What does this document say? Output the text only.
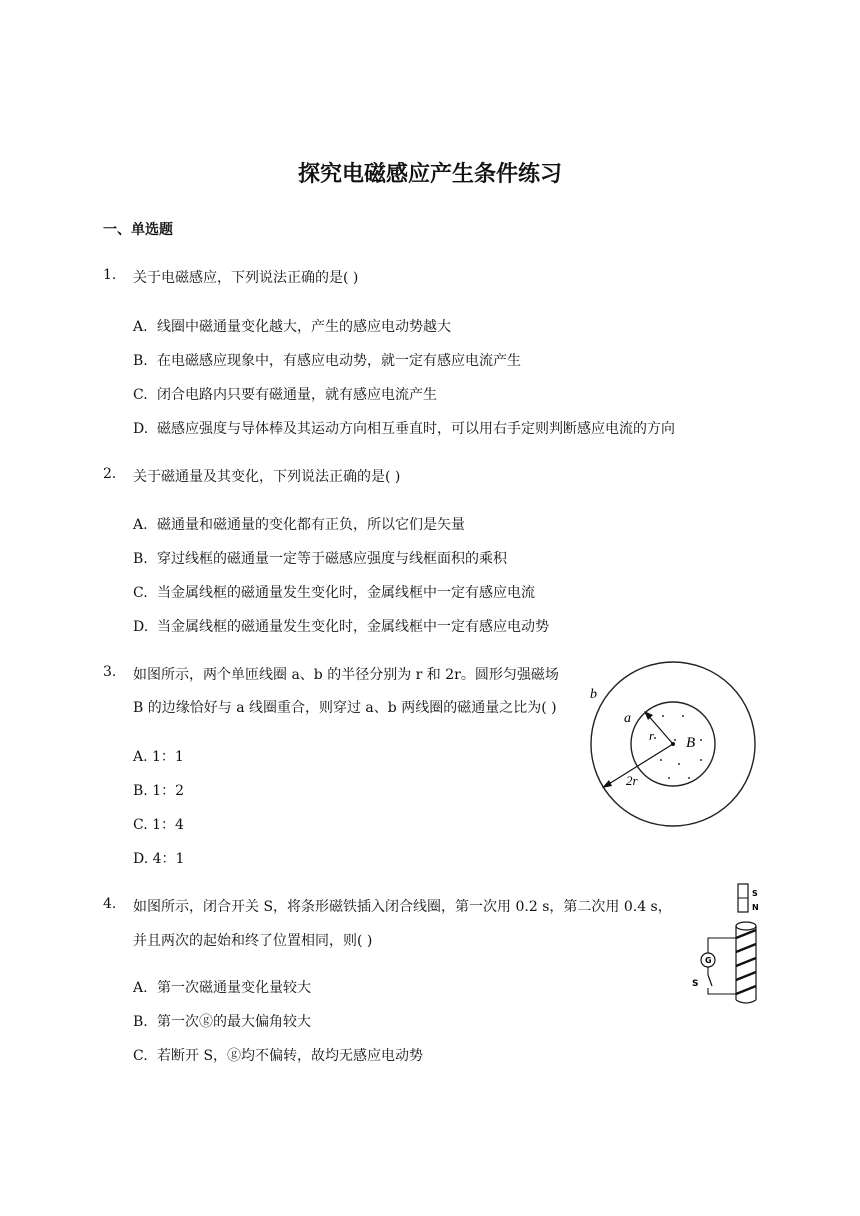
探究电磁感应产生条件练习
一、单选题
1. 关于电磁感应，下列说法正确的是( )
A. 线圈中磁通量变化越大，产生的感应电动势越大
B. 在电磁感应现象中，有感应电动势，就一定有感应电流产生
C. 闭合电路内只要有磁通量，就有感应电流产生
D. 磁感应强度与导体棒及其运动方向相互垂直时，可以用右手定则判断感应电流的方向
2. 关于磁通量及其变化，下列说法正确的是( )
A. 磁通量和磁通量的变化都有正负，所以它们是矢量
B. 穿过线框的磁通量一定等于磁感应强度与线框面积的乘积
C. 当金属线框的磁通量发生变化时，金属线框中一定有感应电流
D. 当金属线框的磁通量发生变化时，金属线框中一定有感应电动势
3. 如图所示，两个单匝线圈 a、b 的半径分别为 r 和 2r。圆形匀强磁场
B 的边缘恰好与 a 线圈重合，则穿过 a、b 两线圈的磁通量之比为( )
A. 1：1
B. 1：2
C. 1：4
D. 4：1
b
a
r B
2r
4. 如图所示，闭合开关 S，将条形磁铁插入闭合线圈，第一次用 0.2 s，第二次用 0.4 s，
并且两次的起始和终了位置相同，则( )
A. 第一次磁通量变化量较大
B. 第一次ⓖ的最大偏角较大
C. 若断开 S，ⓖ均不偏转，故均无感应电动势
S
N
G
S
